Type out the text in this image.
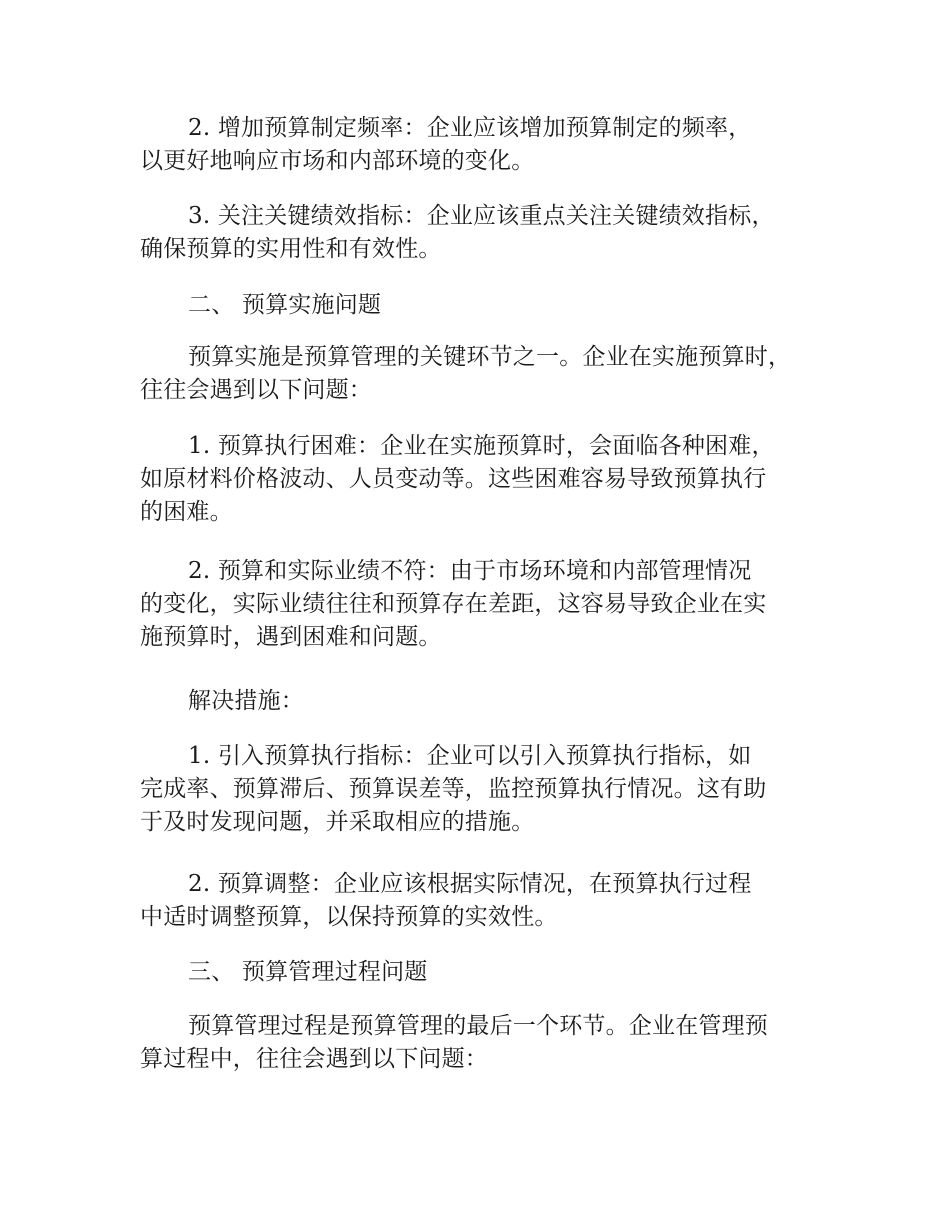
2. 增加预算制定频率：企业应该增加预算制定的频率，
以更好地响应市场和内部环境的变化。
3. 关注关键绩效指标：企业应该重点关注关键绩效指标，
确保预算的实用性和有效性。
二、 预算实施问题
预算实施是预算管理的关键环节之一。企业在实施预算时，
往往会遇到以下问题：
1. 预算执行困难：企业在实施预算时，会面临各种困难，
如原材料价格波动、人员变动等。这些困难容易导致预算执行
的困难。
2. 预算和实际业绩不符：由于市场环境和内部管理情况
的变化，实际业绩往往和预算存在差距，这容易导致企业在实
施预算时，遇到困难和问题。
解决措施：
1. 引入预算执行指标：企业可以引入预算执行指标，如
完成率、预算滞后、预算误差等，监控预算执行情况。这有助
于及时发现问题，并采取相应的措施。
2. 预算调整：企业应该根据实际情况，在预算执行过程
中适时调整预算，以保持预算的实效性。
三、 预算管理过程问题
预算管理过程是预算管理的最后一个环节。企业在管理预
算过程中，往往会遇到以下问题：
